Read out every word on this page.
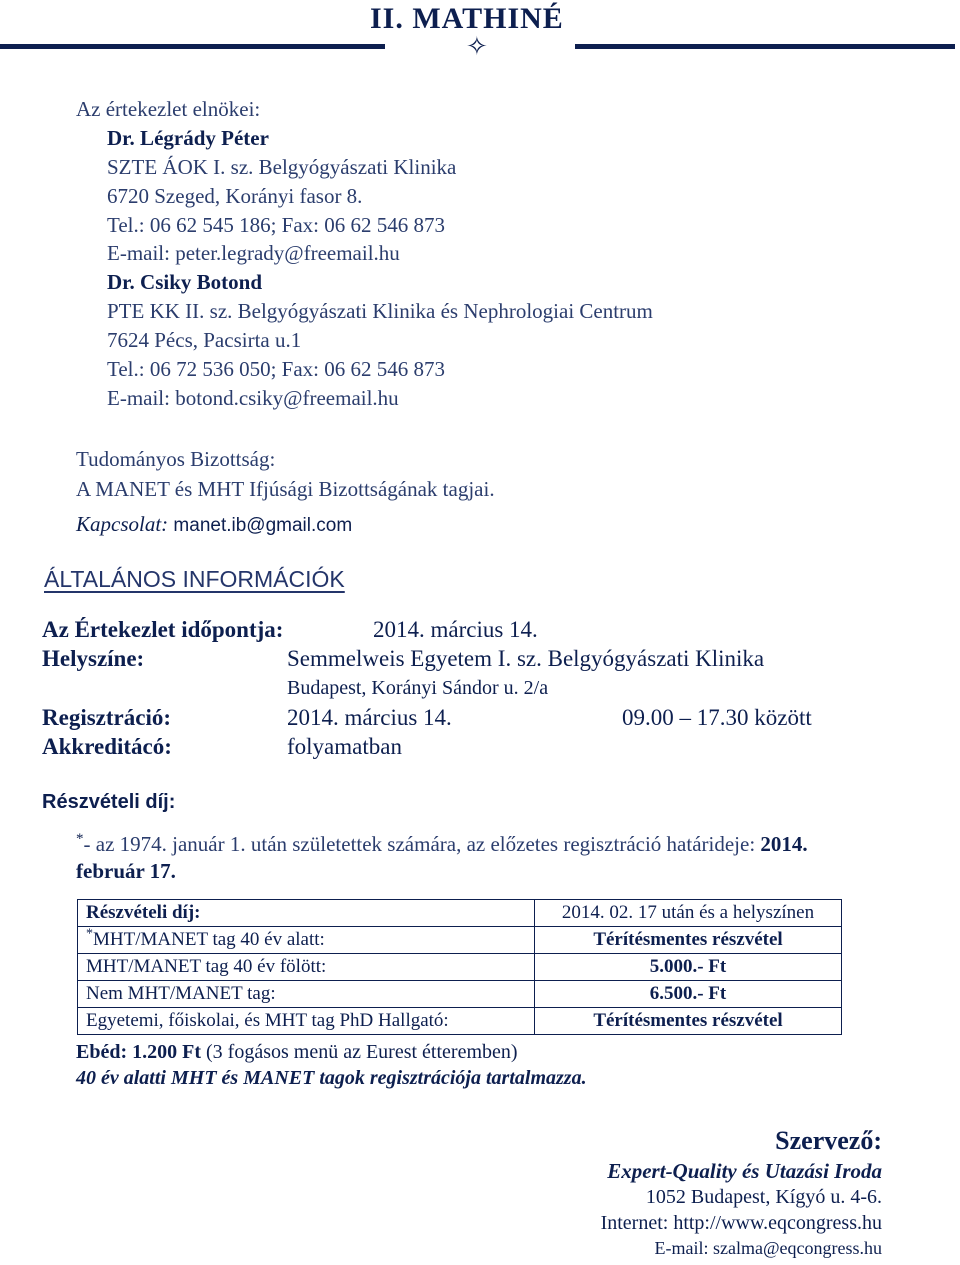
II. MATHINÉ
✧
Az értekezlet elnökei:
Dr. Légrády Péter
SZTE ÁOK I. sz. Belgyógyászati Klinika
6720 Szeged, Korányi fasor 8.
Tel.: 06 62 545 186; Fax: 06 62 546 873
E-mail: peter.legrady@freemail.hu
Dr. Csiky Botond
PTE KK II. sz. Belgyógyászati Klinika és Nephrologiai Centrum
7624 Pécs, Pacsirta u.1
Tel.: 06 72 536 050; Fax: 06 62 546 873
E-mail: botond.csiky@freemail.hu
Tudományos Bizottság:
A MANET és MHT Ifjúsági Bizottságának tagjai.
Kapcsolat: manet.ib@gmail.com
ÁLTALÁNOS INFORMÁCIÓK
Az Értekezlet időpontja:	2014. március 14.
Helyszíne:	Semmelweis Egyetem I. sz. Belgyógyászati Klinika
Budapest, Korányi Sándor u. 2/a
Regisztráció:	2014. március 14.	09.00 – 17.30 között
Akkreditácó:	folyamatban
Részvételi díj:
*- az 1974. január 1. után születettek számára, az előzetes regisztráció határideje: 2014.
február 17.
Részvételi díj:	2014. 02. 17 után és a helyszínen
*MHT/MANET tag 40 év alatt:	Térítésmentes részvétel
MHT/MANET tag 40 év fölött:	5.000.- Ft
Nem MHT/MANET tag:	6.500.- Ft
Egyetemi, főiskolai, és MHT tag PhD Hallgató:	Térítésmentes részvétel
Ebéd: 1.200 Ft (3 fogásos menü az Eurest étteremben)
40 év alatti MHT és MANET tagok regisztrációja tartalmazza.
Szervező:
Expert-Quality és Utazási Iroda
1052 Budapest, Kígyó u. 4-6.
Internet: http://www.eqcongress.hu
E-mail: szalma@eqcongress.hu
